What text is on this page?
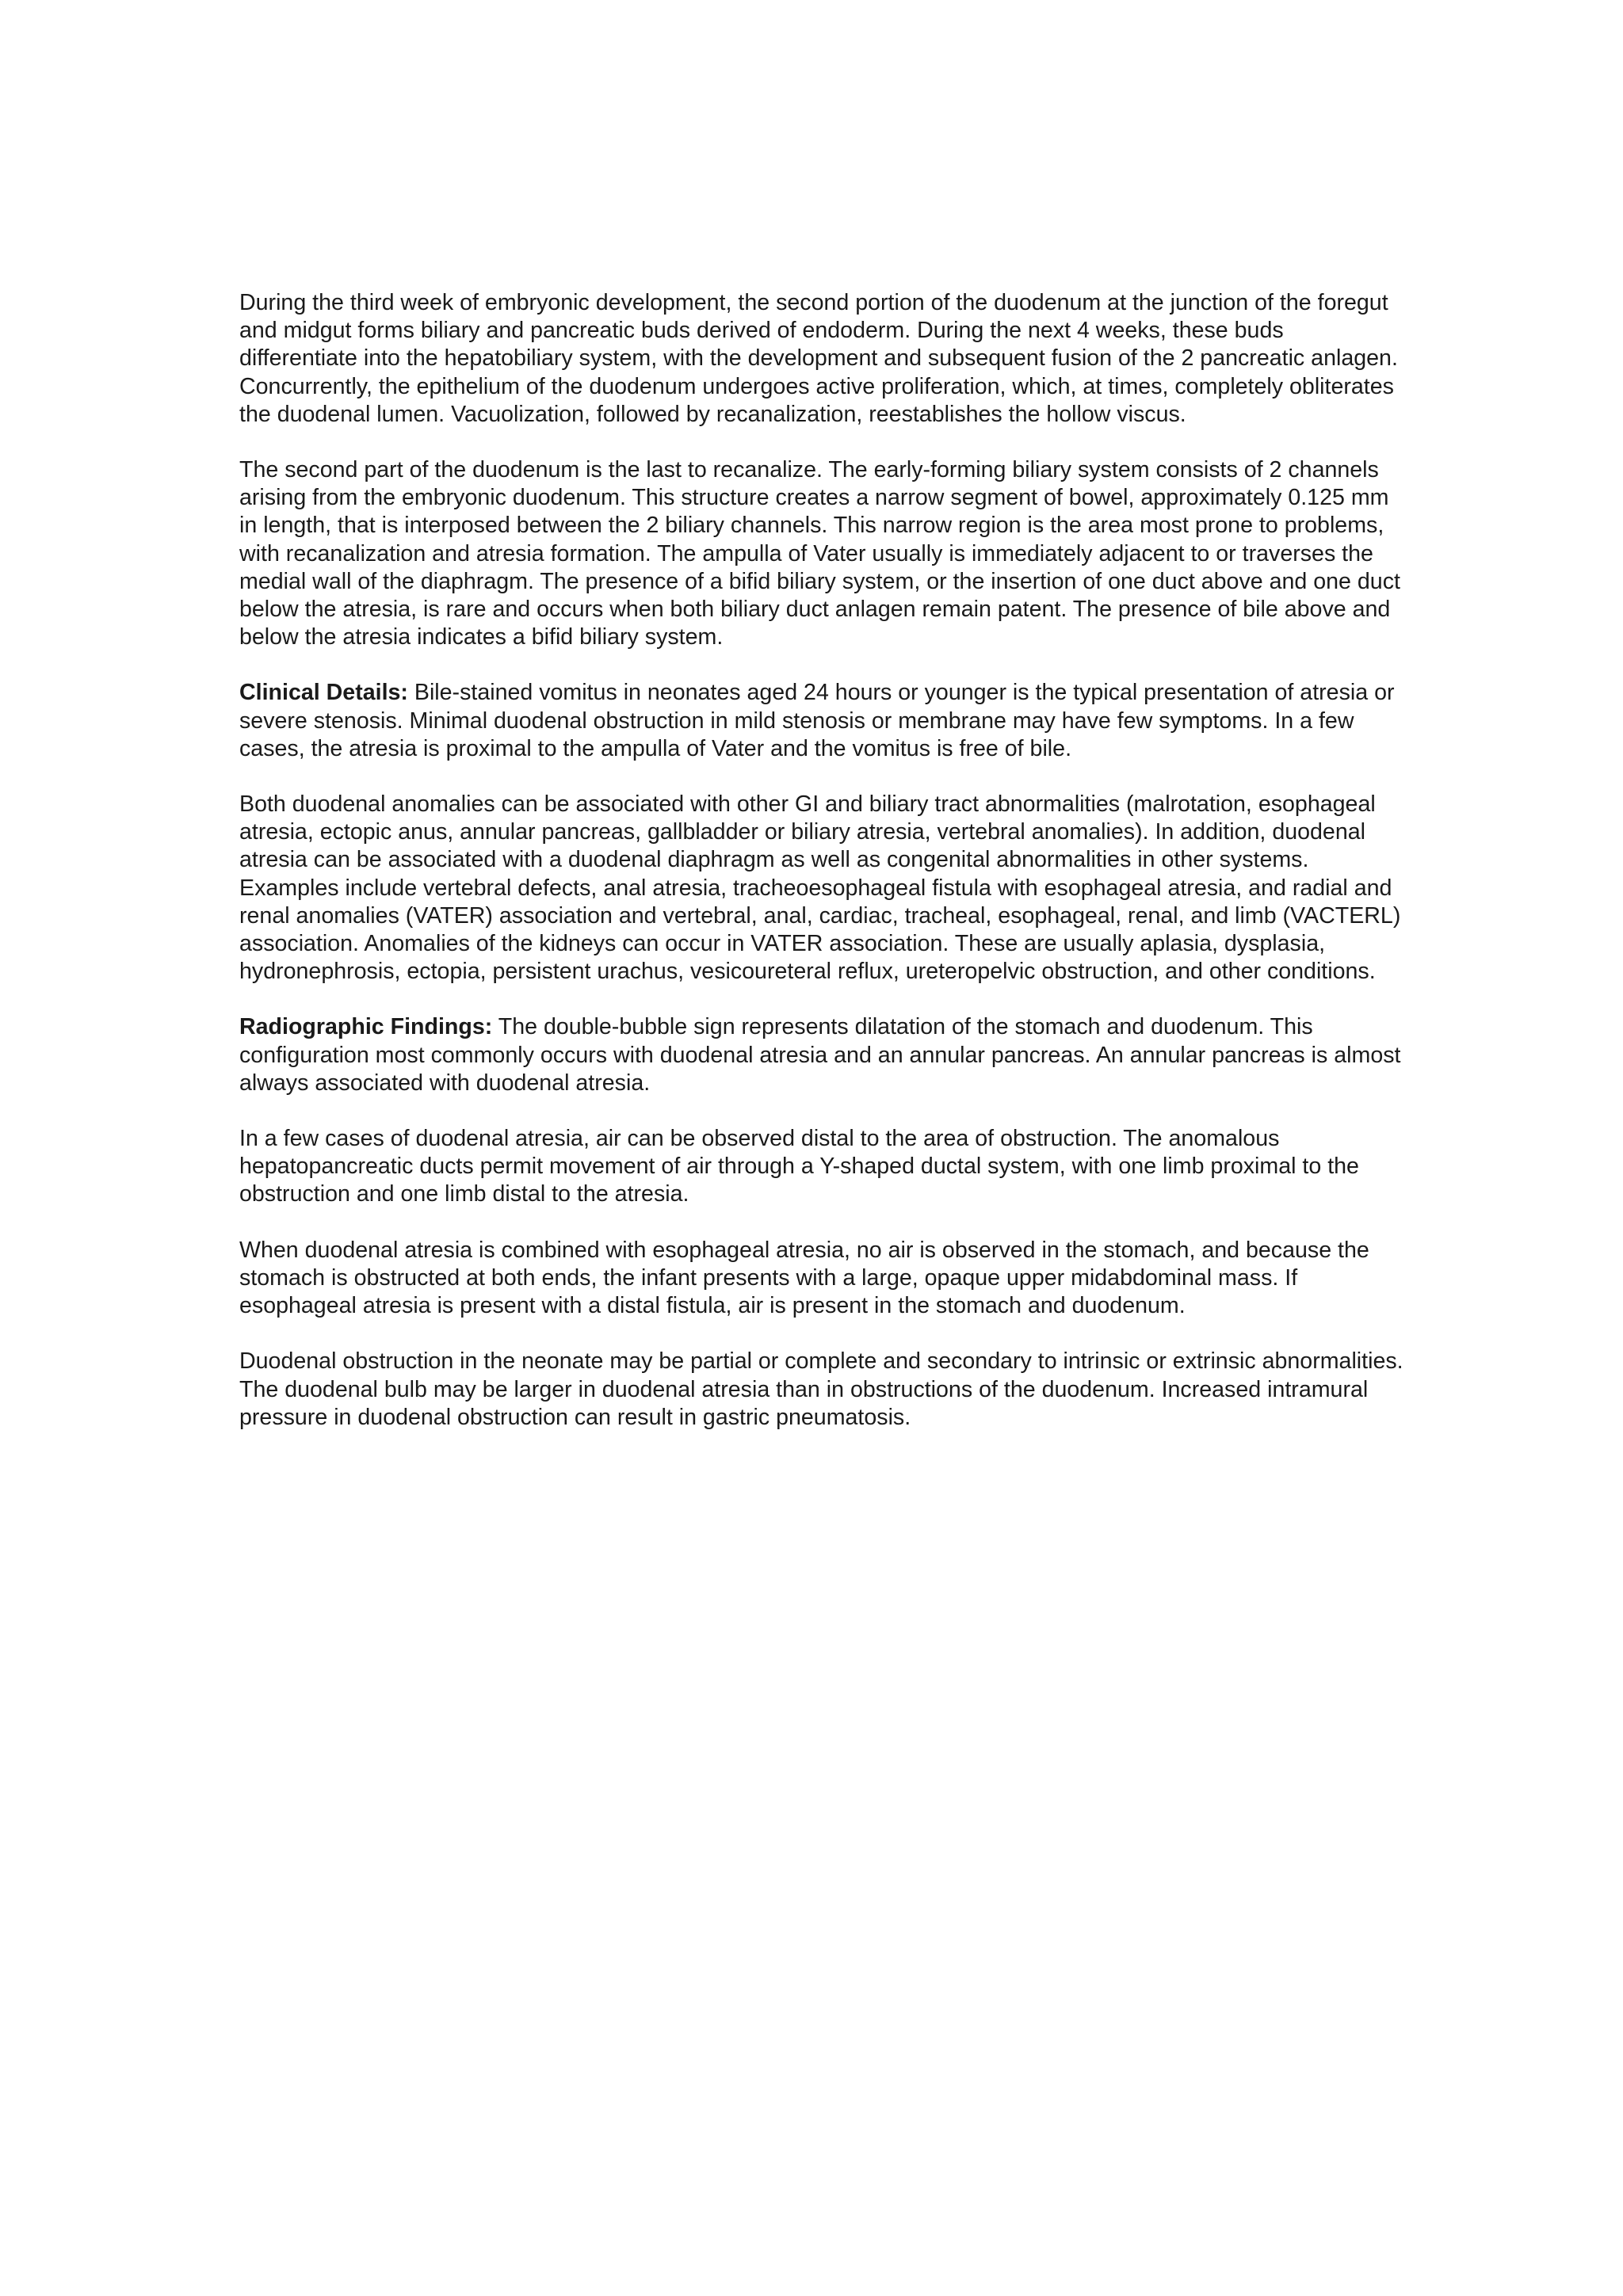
During the third week of embryonic development, the second portion of the duodenum at the junction of the foregut and midgut forms biliary and pancreatic buds derived of endoderm. During the next 4 weeks, these buds differentiate into the hepatobiliary system, with the development and subsequent fusion of the 2 pancreatic anlagen. Concurrently, the epithelium of the duodenum undergoes active proliferation, which, at times, completely obliterates the duodenal lumen. Vacuolization, followed by recanalization, reestablishes the hollow viscus.

The second part of the duodenum is the last to recanalize. The early-forming biliary system consists of 2 channels arising from the embryonic duodenum. This structure creates a narrow segment of bowel, approximately 0.125 mm in length, that is interposed between the 2 biliary channels. This narrow region is the area most prone to problems, with recanalization and atresia formation. The ampulla of Vater usually is immediately adjacent to or traverses the medial wall of the diaphragm. The presence of a bifid biliary system, or the insertion of one duct above and one duct below the atresia, is rare and occurs when both biliary duct anlagen remain patent. The presence of bile above and below the atresia indicates a bifid biliary system.

Clinical Details: Bile-stained vomitus in neonates aged 24 hours or younger is the typical presentation of atresia or severe stenosis. Minimal duodenal obstruction in mild stenosis or membrane may have few symptoms. In a few cases, the atresia is proximal to the ampulla of Vater and the vomitus is free of bile.

Both duodenal anomalies can be associated with other GI and biliary tract abnormalities (malrotation, esophageal atresia, ectopic anus, annular pancreas, gallbladder or biliary atresia, vertebral anomalies). In addition, duodenal atresia can be associated with a duodenal diaphragm as well as congenital abnormalities in other systems. Examples include vertebral defects, anal atresia, tracheoesophageal fistula with esophageal atresia, and radial and renal anomalies (VATER) association and vertebral, anal, cardiac, tracheal, esophageal, renal, and limb (VACTERL) association. Anomalies of the kidneys can occur in VATER association. These are usually aplasia, dysplasia, hydronephrosis, ectopia, persistent urachus, vesicoureteral reflux, ureteropelvic obstruction, and other conditions.

Radiographic Findings: The double-bubble sign represents dilatation of the stomach and duodenum. This configuration most commonly occurs with duodenal atresia and an annular pancreas. An annular pancreas is almost always associated with duodenal atresia.

In a few cases of duodenal atresia, air can be observed distal to the area of obstruction. The anomalous hepatopancreatic ducts permit movement of air through a Y-shaped ductal system, with one limb proximal to the obstruction and one limb distal to the atresia.

When duodenal atresia is combined with esophageal atresia, no air is observed in the stomach, and because the stomach is obstructed at both ends, the infant presents with a large, opaque upper midabdominal mass. If esophageal atresia is present with a distal fistula, air is present in the stomach and duodenum.

Duodenal obstruction in the neonate may be partial or complete and secondary to intrinsic or extrinsic abnormalities. The duodenal bulb may be larger in duodenal atresia than in obstructions of the duodenum. Increased intramural pressure in duodenal obstruction can result in gastric pneumatosis.
